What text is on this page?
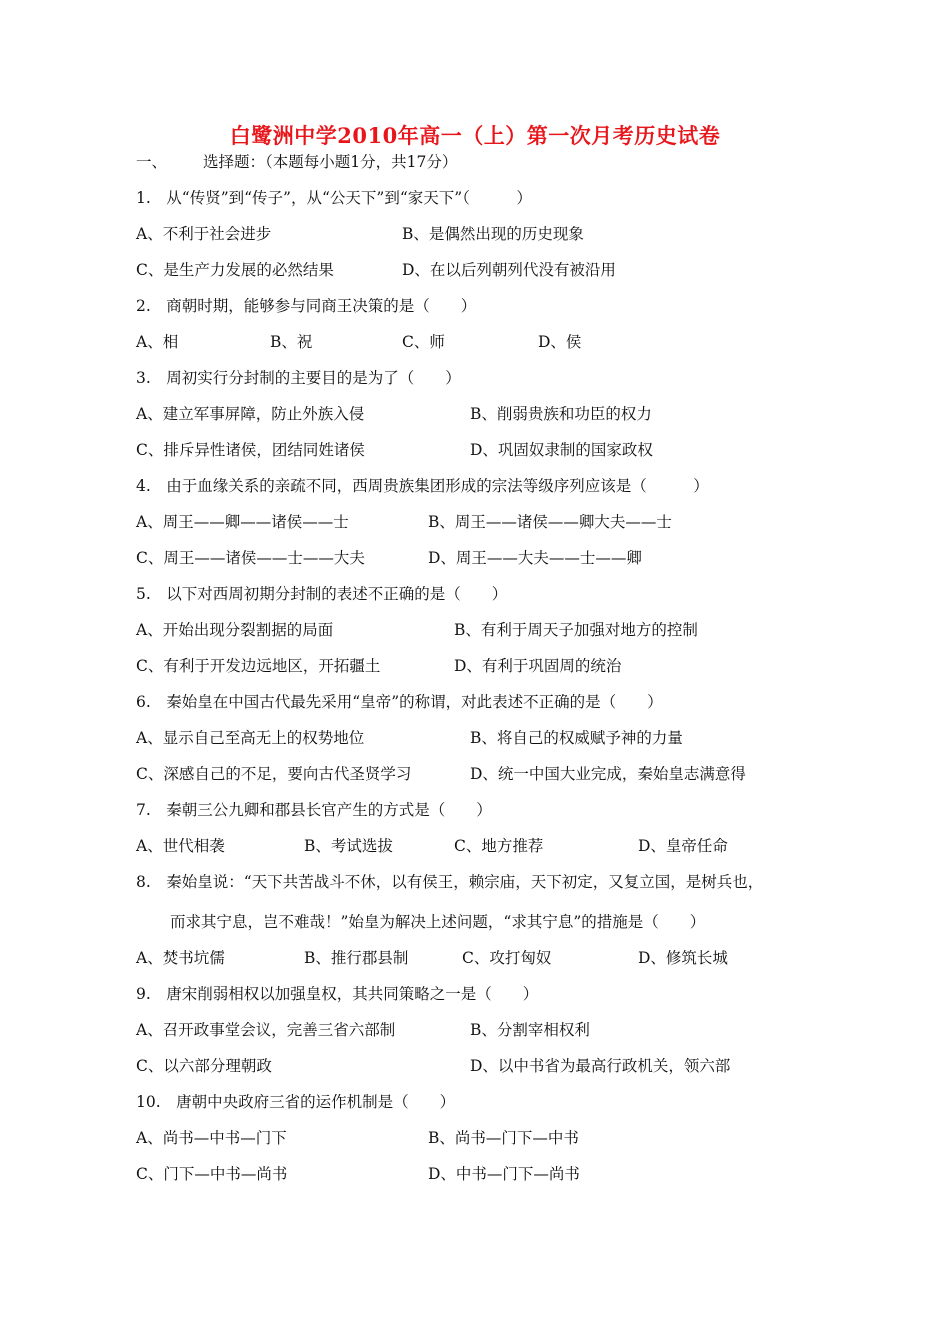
白鹭洲中学2010年高一（上）第一次月考历史试卷
一、 选择题：（本题每小题1分，共17分）
1.　从“传贤”到“传子”，从“公天下”到“家天下”（　　　）
A、不利于社会进步	B、是偶然出现的历史现象
C、是生产力发展的必然结果	D、在以后列朝列代没有被沿用
2.　商朝时期，能够参与同商王决策的是（　　）
A、相	B、祝	C、师	D、侯
3.　周初实行分封制的主要目的是为了（　　）
A、建立军事屏障，防止外族入侵	B、削弱贵族和功臣的权力
C、排斥异性诸侯，团结同姓诸侯	D、巩固奴隶制的国家政权
4.　由于血缘关系的亲疏不同，西周贵族集团形成的宗法等级序列应该是（　　　）
A、周王——卿——诸侯——士	B、周王——诸侯——卿大夫——士
C、周王——诸侯——士——大夫	D、周王——大夫——士——卿
5.　以下对西周初期分封制的表述不正确的是（　　）
A、开始出现分裂割据的局面	B、有利于周天子加强对地方的控制
C、有利于开发边远地区，开拓疆土	D、有利于巩固周的统治
6.　秦始皇在中国古代最先采用“皇帝”的称谓，对此表述不正确的是（　　）
A、显示自己至高无上的权势地位	B、将自己的权威赋予神的力量
C、深感自己的不足，要向古代圣贤学习	D、统一中国大业完成，秦始皇志满意得
7.　秦朝三公九卿和郡县长官产生的方式是（　　）
A、世代相袭	B、考试选拔	C、地方推荐	D、皇帝任命
8.　秦始皇说：“天下共苦战斗不休，以有侯王，赖宗庙，天下初定，又复立国，是树兵也，
而求其宁息，岂不难哉！”始皇为解决上述问题，“求其宁息”的措施是（　　）
A、焚书坑儒	B、推行郡县制	C、攻打匈奴	D、修筑长城
9.　唐宋削弱相权以加强皇权，其共同策略之一是（　　）
A、召开政事堂会议，完善三省六部制	B、分割宰相权利
C、以六部分理朝政	D、以中书省为最高行政机关，领六部
10.　唐朝中央政府三省的运作机制是（　　）
A、尚书—中书—门下	B、尚书—门下—中书
C、门下—中书—尚书	D、中书—门下—尚书
